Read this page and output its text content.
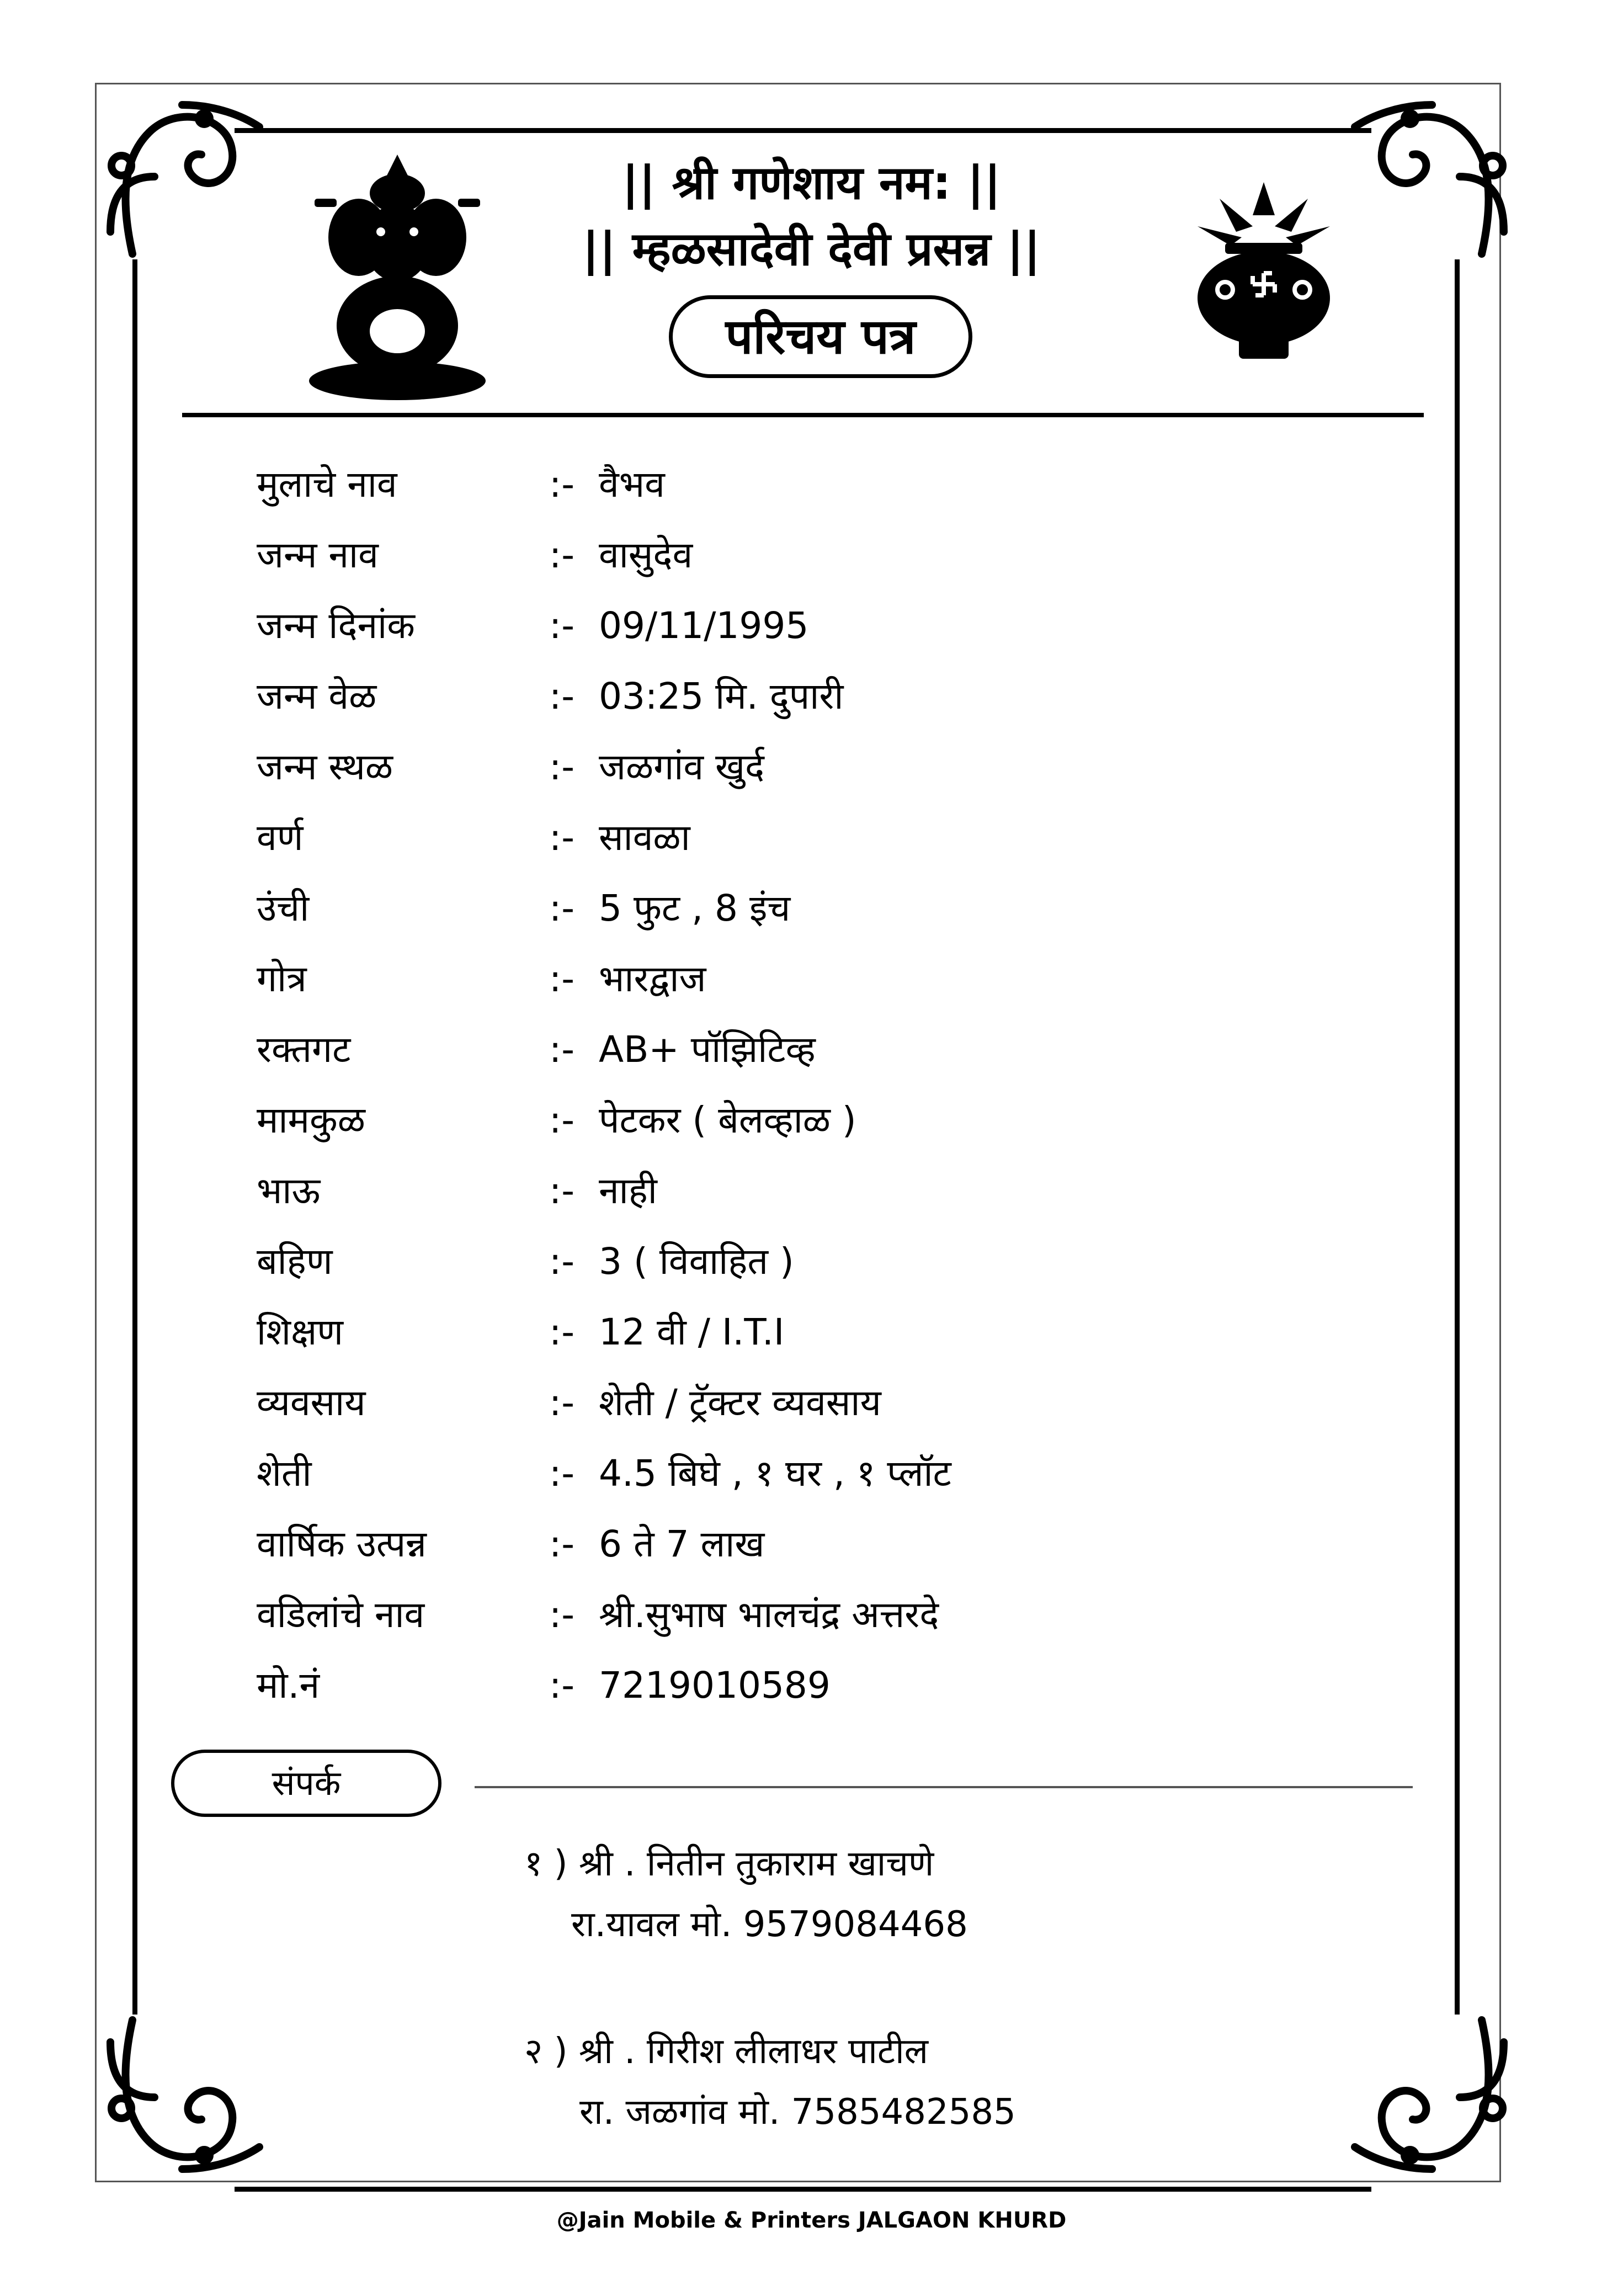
|| श्री गणेशाय नम: ||
|| म्हळसादेवी देवी प्रसन्न ||
परिचय पत्र
मुलाचे नाव	:- वैभव
जन्म नाव	:- वासुदेव
जन्म दिनांक	:- 09/11/1995
जन्म वेळ	:- 03:25 मि. दुपारी
जन्म स्थळ	:- जळगांव खुर्द
वर्ण	:- सावळा
उंची	:- 5 फुट , 8 इंच
गोत्र	:- भारद्वाज
रक्तगट	:- AB+ पॉझिटिव्ह
मामकुळ	:- पेटकर ( बेलव्हाळ )
भाऊ	:- नाही
बहिण	:- 3 ( विवाहित )
शिक्षण	:- 12 वी / I.T.I
व्यवसाय	:- शेती / ट्रॅक्टर व्यवसाय
शेती	:- 4.5 बिघे , १ घर , १ प्लॉट
वार्षिक उत्पन्न	:- 6 ते 7 लाख
वडिलांचे नाव	:- श्री.सुभाष भालचंद्र अत्तरदे
मो.नं	:- 7219010589
संपर्क
१ ) श्री . नितीन तुकाराम खाचणे
रा.यावल मो. 9579084468
२ ) श्री . गिरीश लीलाधर पाटील
रा. जळगांव मो. 7585482585
@Jain Mobile & Printers JALGAON KHURD
